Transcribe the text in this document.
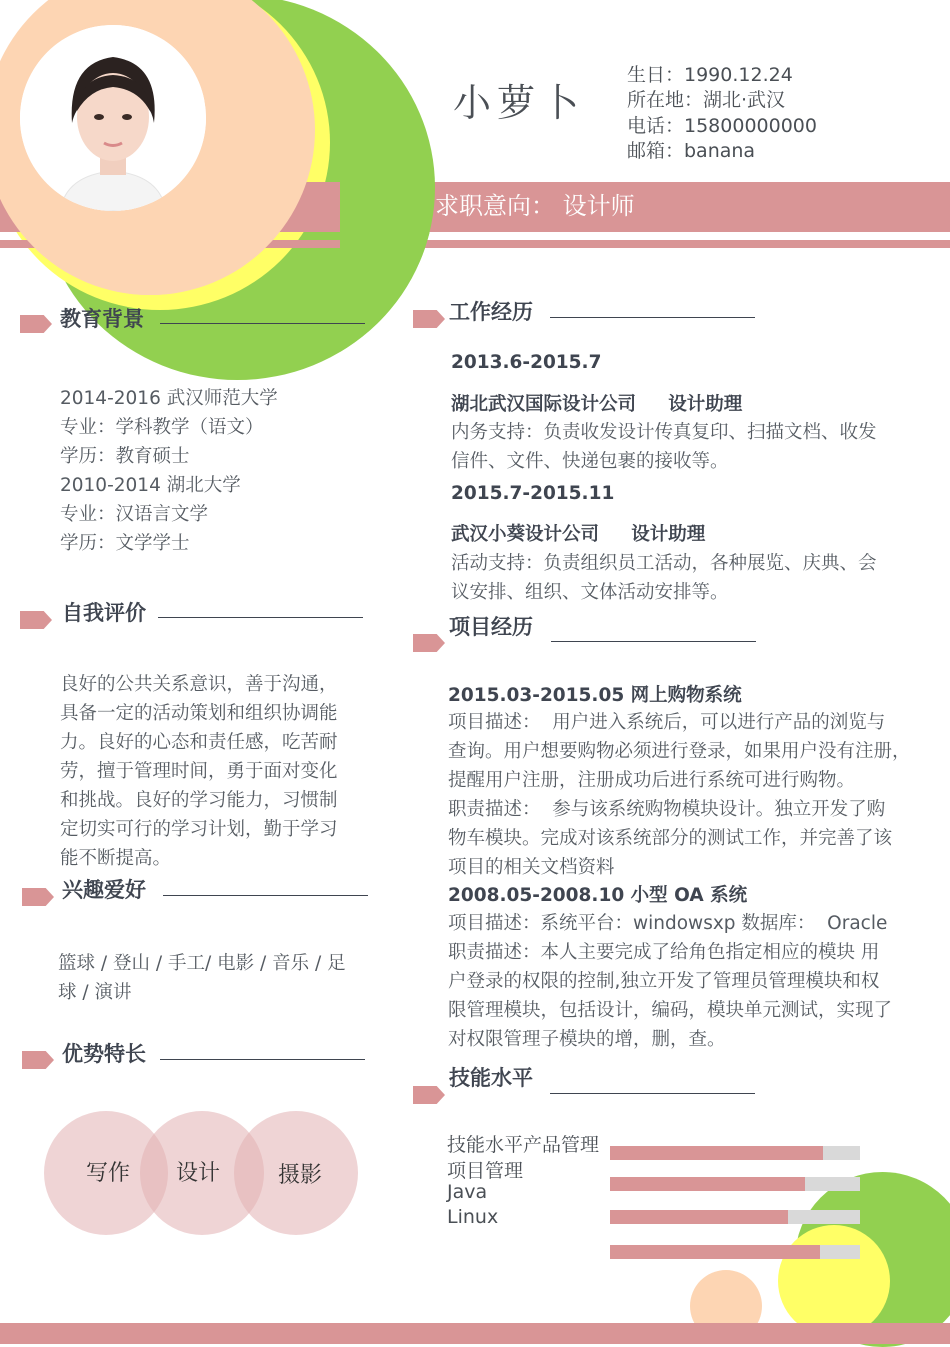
小萝卜
生日：1990.12.24
所在地：湖北·武汉
电话：15800000000
邮箱：banana
求职意向： 设计师
教育背景
2014-2016 武汉师范大学
专业：学科教学（语文）
学历：教育硕士
2010-2014 湖北大学
专业：汉语言文学
学历：文学学士
自我评价
良好的公共关系意识，善于沟通，
具备一定的活动策划和组织协调能
力。良好的心态和责任感，吃苦耐
劳，擅于管理时间，勇于面对变化
和挑战。良好的学习能力，习惯制
定切实可行的学习计划，勤于学习
能不断提高。
兴趣爱好
篮球 / 登山 / 手工/ 电影 / 音乐 / 足
球 / 演讲
优势特长
写作 设计	摄影
工作经历
2013.6-2015.7
湖北武汉国际设计公司     设计助理
内务支持：负责收发设计传真复印、扫描文档、收发
信件、文件、快递包裹的接收等。
2015.7-2015.11
武汉小葵设计公司     设计助理
活动支持：负责组织员工活动，各种展览、庆典、会
议安排、组织、文体活动安排等。
项目经历
2015.03-2015.05 网上购物系统
项目描述：  用户进入系统后，可以进行产品的浏览与
查询。用户想要购物必须进行登录，如果用户没有注册，
提醒用户注册，注册成功后进行系统可进行购物。
职责描述：  参与该系统购物模块设计。独立开发了购
物车模块。完成对该系统部分的测试工作，并完善了该
项目的相关文档资料
2008.05-2008.10 小型 OA 系统
项目描述：系统平台：windowsxp 数据库：  Oracle
职责描述：本人主要完成了给角色指定相应的模块 用
户登录的权限的控制,独立开发了管理员管理模块和权
限管理模块，包括设计，编码，模块单元测试，实现了
对权限管理子模块的增，删，查。
技能水平
技能水平产品管理
项目管理
Java
Linux
